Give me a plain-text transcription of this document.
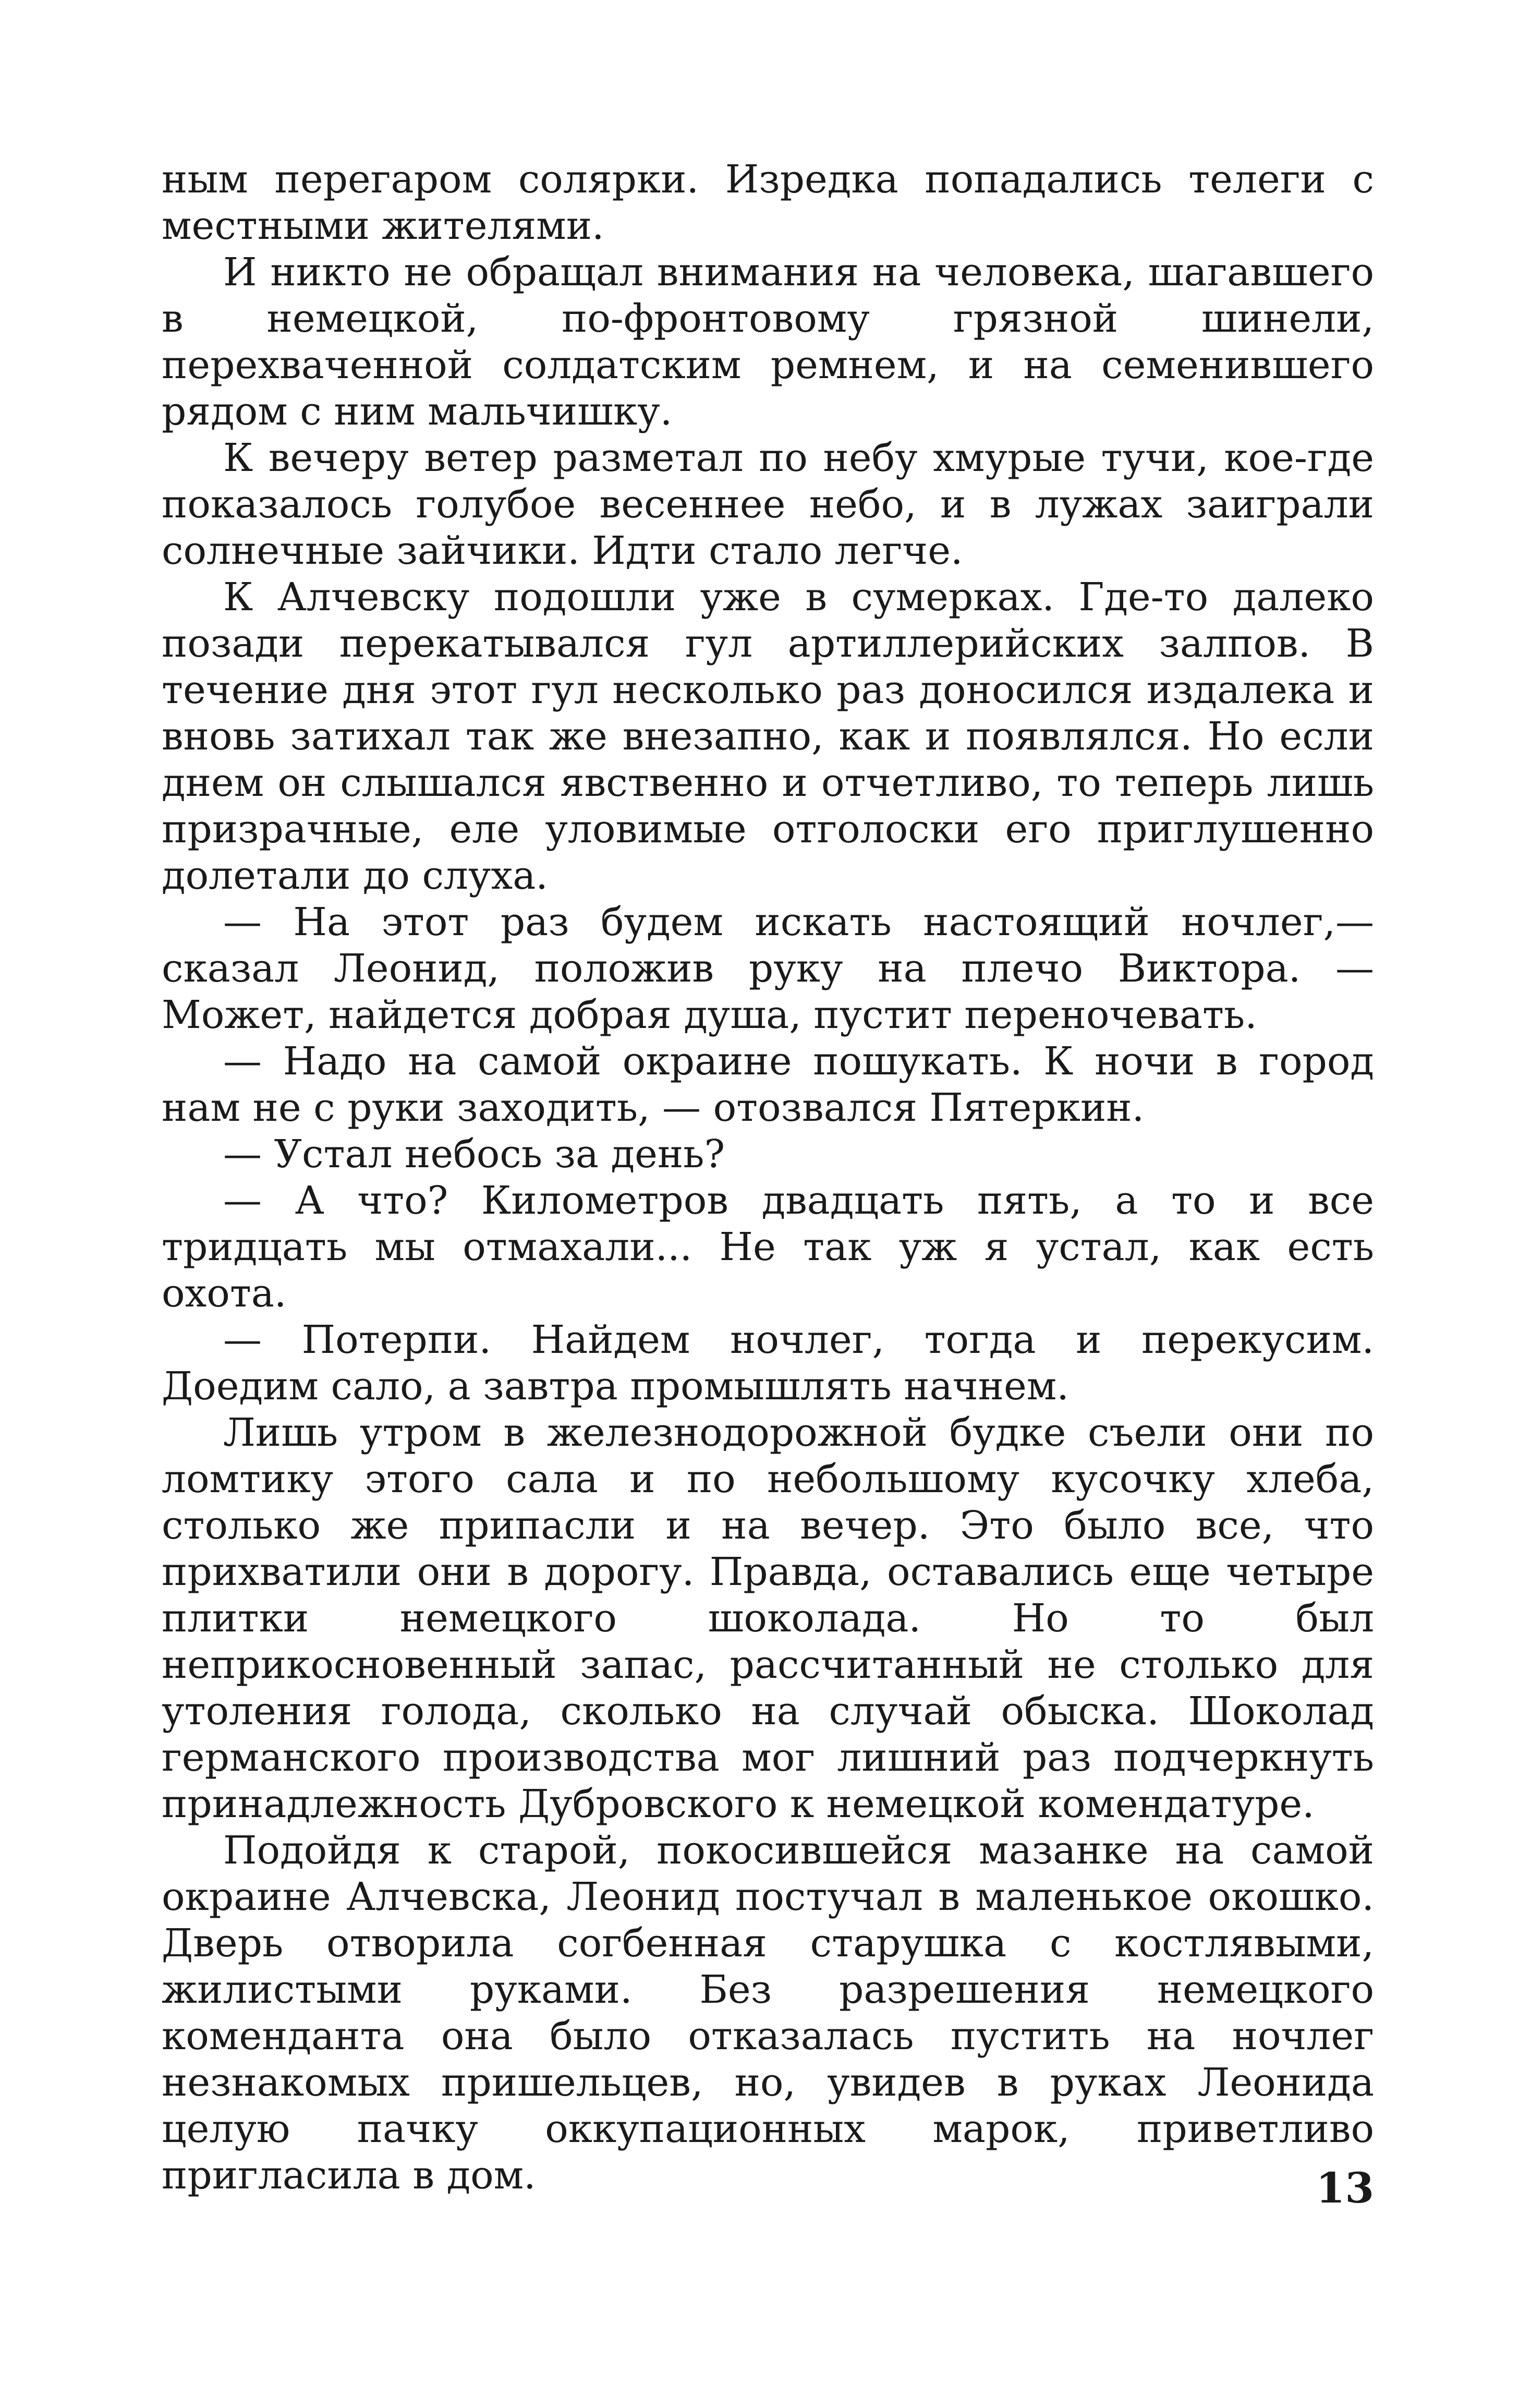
ным перегаром солярки. Изредка попадались телеги с местными жителями.

И никто не обращал внимания на человека, шагавшего в немецкой, по-фронтовому грязной шинели, перехваченной солдатским ремнем, и на семенившего рядом с ним мальчишку.

К вечеру ветер разметал по небу хмурые тучи, кое-где показалось голубое весеннее небо, и в лужах заиграли солнечные зайчики. Идти стало легче.

К Алчевску подошли уже в сумерках. Где-то далеко позади перекатывался гул артиллерийских залпов. В течение дня этот гул несколько раз доносился издалека и вновь затихал так же внезапно, как и появлялся. Но если днем он слышался явственно и отчетливо, то теперь лишь призрачные, еле уловимые отголоски его приглушенно долетали до слуха.

— На этот раз будем искать настоящий ночлег,— сказал Леонид, положив руку на плечо Виктора. — Может, найдется добрая душа, пустит переночевать.

— Надо на самой окраине пошукать. К ночи в город нам не с руки заходить, — отозвался Пятеркин.

— Устал небось за день?

— А что? Километров двадцать пять, а то и все тридцать мы отмахали... Не так уж я устал, как есть охота.

— Потерпи. Найдем ночлег, тогда и перекусим. Доедим сало, а завтра промышлять начнем.

Лишь утром в железнодорожной будке съели они по ломтику этого сала и по небольшому кусочку хлеба, столько же припасли и на вечер. Это было все, что прихватили они в дорогу. Правда, оставались еще четыре плитки немецкого шоколада. Но то был неприкосновенный запас, рассчитанный не столько для утоления голода, сколько на случай обыска. Шоколад германского производства мог лишний раз подчеркнуть принадлежность Дубровского к немецкой комендатуре.

Подойдя к старой, покосившейся мазанке на самой окраине Алчевска, Леонид постучал в маленькое окошко. Дверь отворила согбенная старушка с костлявыми, жилистыми руками. Без разрешения немецкого коменданта она было отказалась пустить на ночлег незнакомых пришельцев, но, увидев в руках Леонида целую пачку оккупационных марок, приветливо пригласила в дом.	13
